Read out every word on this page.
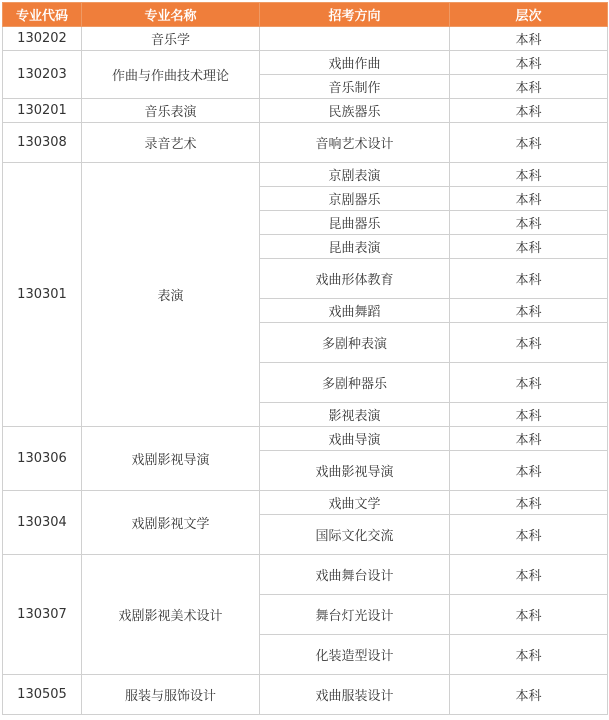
专业代码	专业名称	招考方向	层次
130202	音乐学		本科
130203	作曲与作曲技术理论	戏曲作曲	本科
		音乐制作	本科
130201	音乐表演	民族器乐	本科
130308	录音艺术	音响艺术设计	本科
130301	表演	京剧表演	本科
		京剧器乐	本科
		昆曲器乐	本科
		昆曲表演	本科
		戏曲形体教育	本科
		戏曲舞蹈	本科
		多剧种表演	本科
		多剧种器乐	本科
		影视表演	本科
130306	戏剧影视导演	戏曲导演	本科
		戏曲影视导演	本科
130304	戏剧影视文学	戏曲文学	本科
		国际文化交流	本科
130307	戏剧影视美术设计	戏曲舞台设计	本科
		舞台灯光设计	本科
		化装造型设计	本科
130505	服装与服饰设计	戏曲服装设计	本科
